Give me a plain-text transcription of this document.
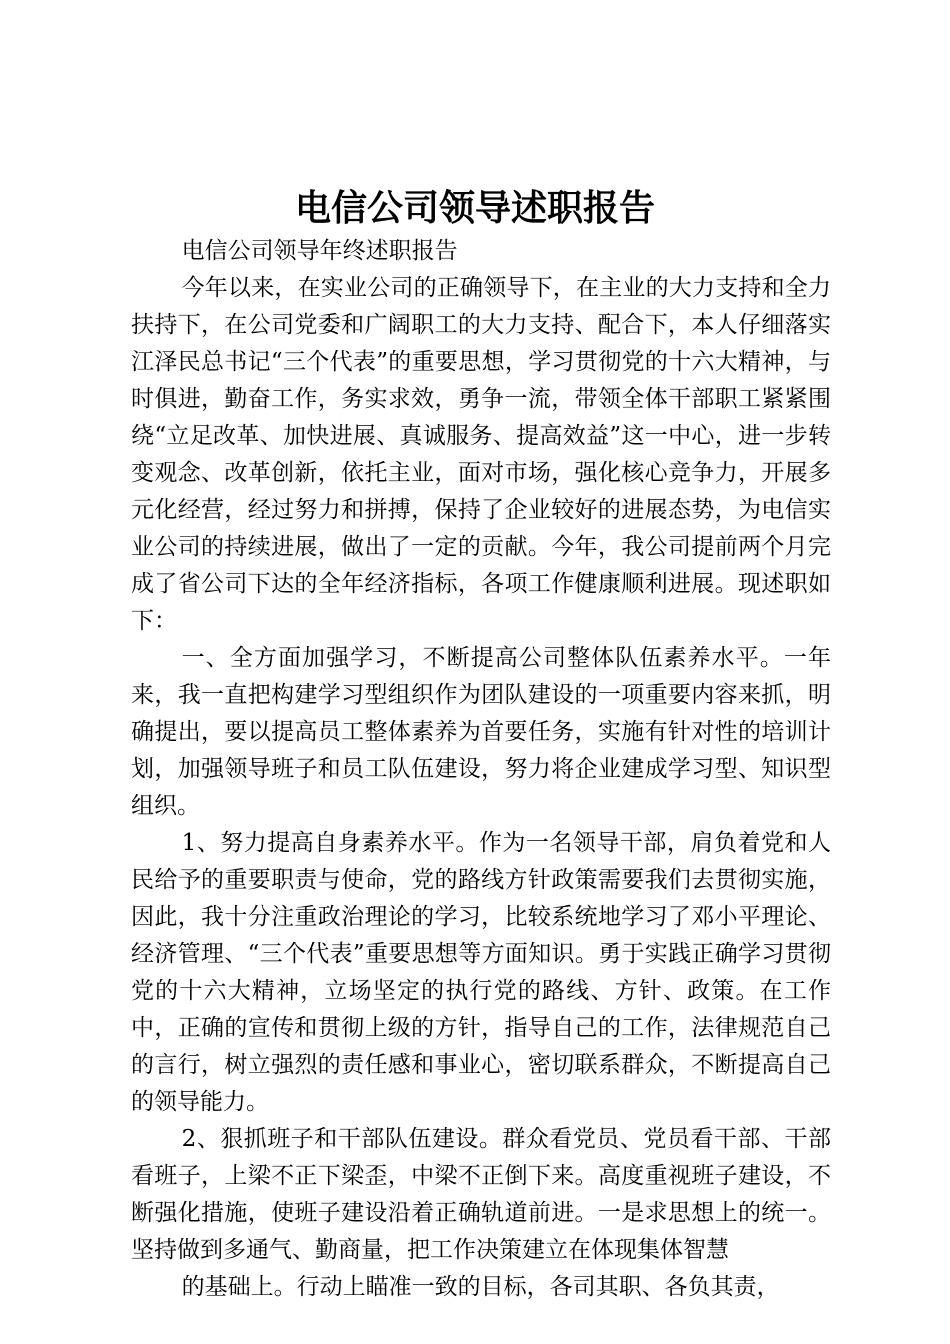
电信公司领导述职报告

电信公司领导年终述职报告

今年以来，在实业公司的正确领导下，在主业的大力支持和全力扶持下，在公司党委和广阔职工的大力支持、配合下，本人仔细落实江泽民总书记“三个代表”的重要思想，学习贯彻党的十六大精神，与时俱进，勤奋工作，务实求效，勇争一流，带领全体干部职工紧紧围绕“立足改革、加快进展、真诚服务、提高效益”这一中心，进一步转变观念、改革创新，依托主业，面对市场，强化核心竞争力，开展多元化经营，经过努力和拼搏，保持了企业较好的进展态势，为电信实业公司的持续进展，做出了一定的贡献。今年，我公司提前两个月完成了省公司下达的全年经济指标，各项工作健康顺利进展。现述职如下：

一、全方面加强学习，不断提高公司整体队伍素养水平。一年来，我一直把构建学习型组织作为团队建设的一项重要内容来抓，明确提出，要以提高员工整体素养为首要任务，实施有针对性的培训计划，加强领导班子和员工队伍建设，努力将企业建成学习型、知识型组织。

1、努力提高自身素养水平。作为一名领导干部，肩负着党和人民给予的重要职责与使命，党的路线方针政策需要我们去贯彻实施，因此，我十分注重政治理论的学习，比较系统地学习了邓小平理论、经济管理、“三个代表”重要思想等方面知识。勇于实践正确学习贯彻党的十六大精神，立场坚定的执行党的路线、方针、政策。在工作中，正确的宣传和贯彻上级的方针，指导自己的工作，法律规范自己的言行，树立强烈的责任感和事业心，密切联系群众，不断提高自己的领导能力。

2、狠抓班子和干部队伍建设。群众看党员、党员看干部、干部看班子，上梁不正下梁歪，中梁不正倒下来。高度重视班子建设，不断强化措施，使班子建设沿着正确轨道前进。一是求思想上的统一。坚持做到多通气、勤商量，把工作决策建立在体现集体智慧

的基础上。行动上瞄准一致的目标，各司其职、各负其责，
